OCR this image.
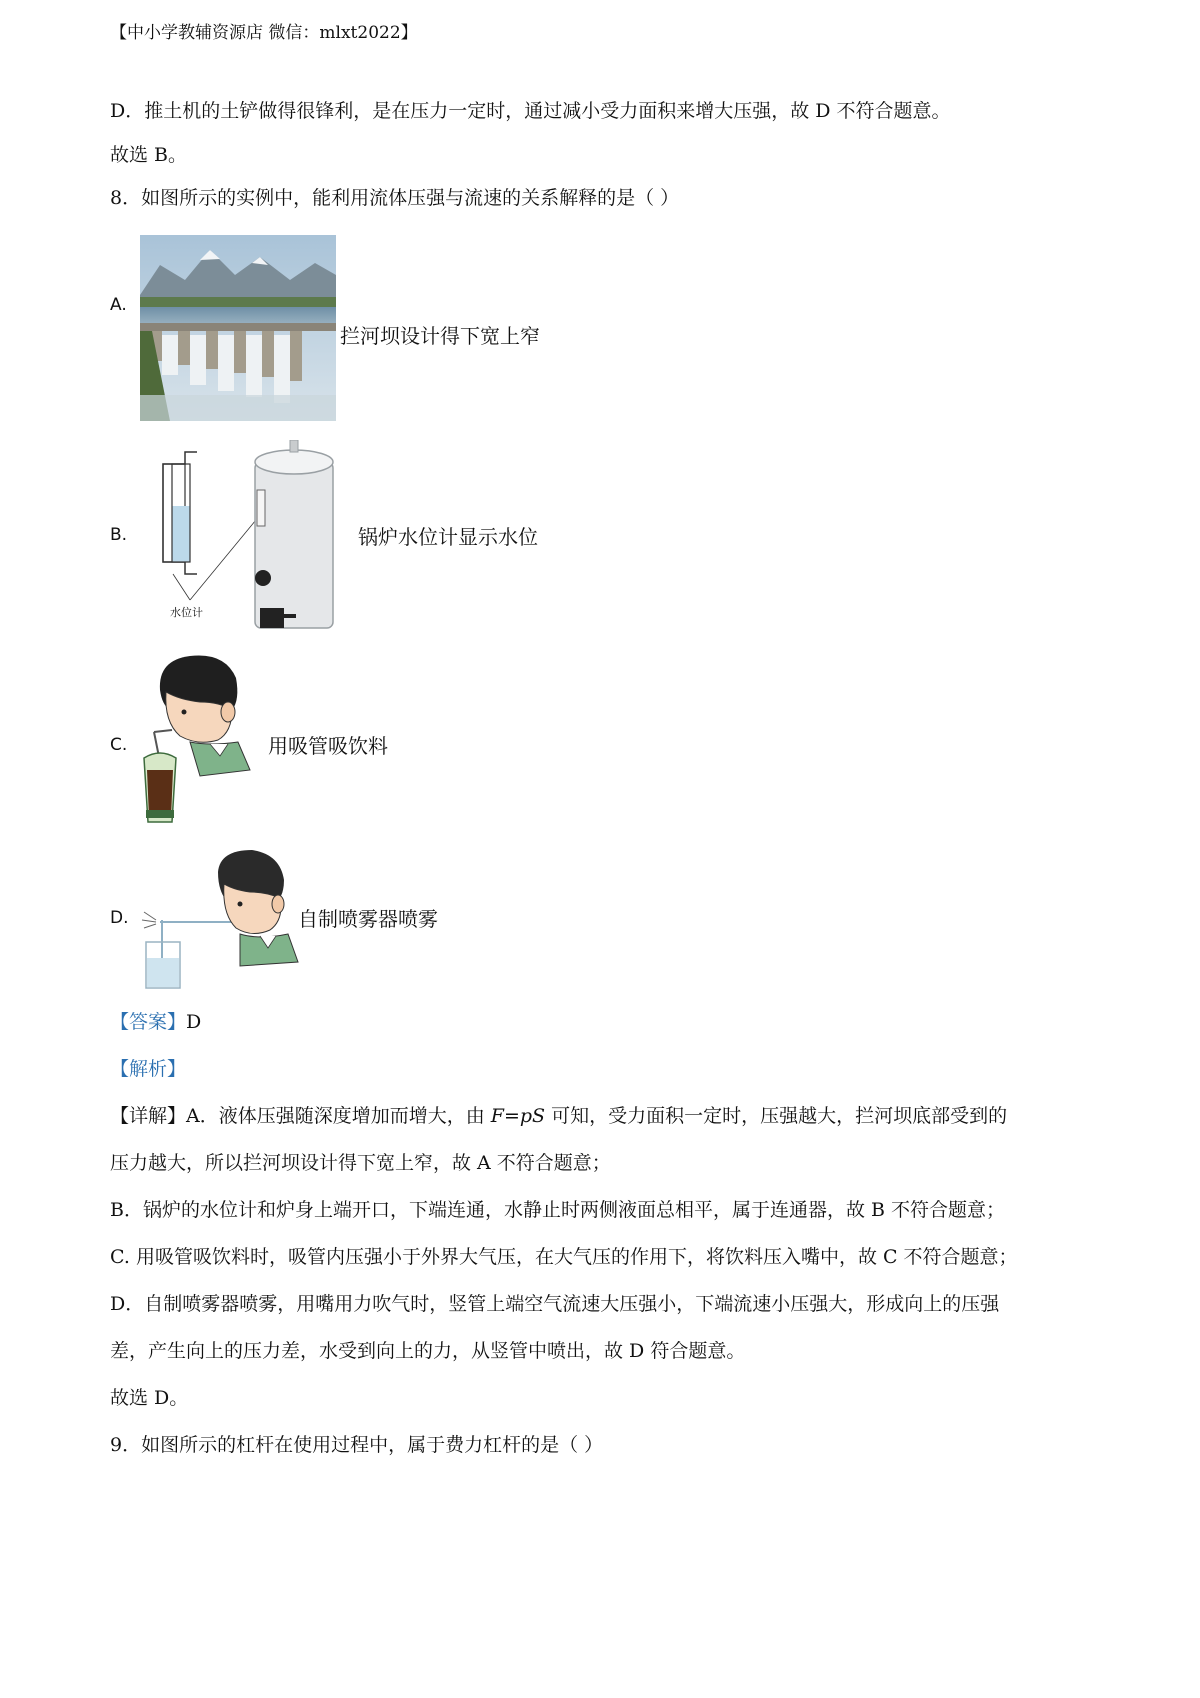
【中小学教辅资源店 微信：mlxt2022】
D．推土机的土铲做得很锋利，是在压力一定时，通过减小受力面积来增大压强，故 D 不符合题意。
故选 B。
8．如图所示的实例中，能利用流体压强与流速的关系解释的是（ ）
A.
拦河坝设计得下宽上窄
B.
水位计
锅炉水位计显示水位
C.	用吸管吸饮料
D.	自制喷雾器喷雾
【答案】D
【解析】
【详解】A．液体压强随深度增加而增大，由 F=pS 可知，受力面积一定时，压强越大，拦河坝底部受到的
压力越大，所以拦河坝设计得下宽上窄，故 A 不符合题意；
B．锅炉的水位计和炉身上端开口，下端连通，水静止时两侧液面总相平，属于连通器，故 B 不符合题意；
C. 用吸管吸饮料时，吸管内压强小于外界大气压，在大气压的作用下，将饮料压入嘴中，故 C 不符合题意；
D．自制喷雾器喷雾，用嘴用力吹气时，竖管上端空气流速大压强小，下端流速小压强大，形成向上的压强
差，产生向上的压力差，水受到向上的力，从竖管中喷出，故 D 符合题意。
故选 D。
9．如图所示的杠杆在使用过程中，属于费力杠杆的是（ ）
